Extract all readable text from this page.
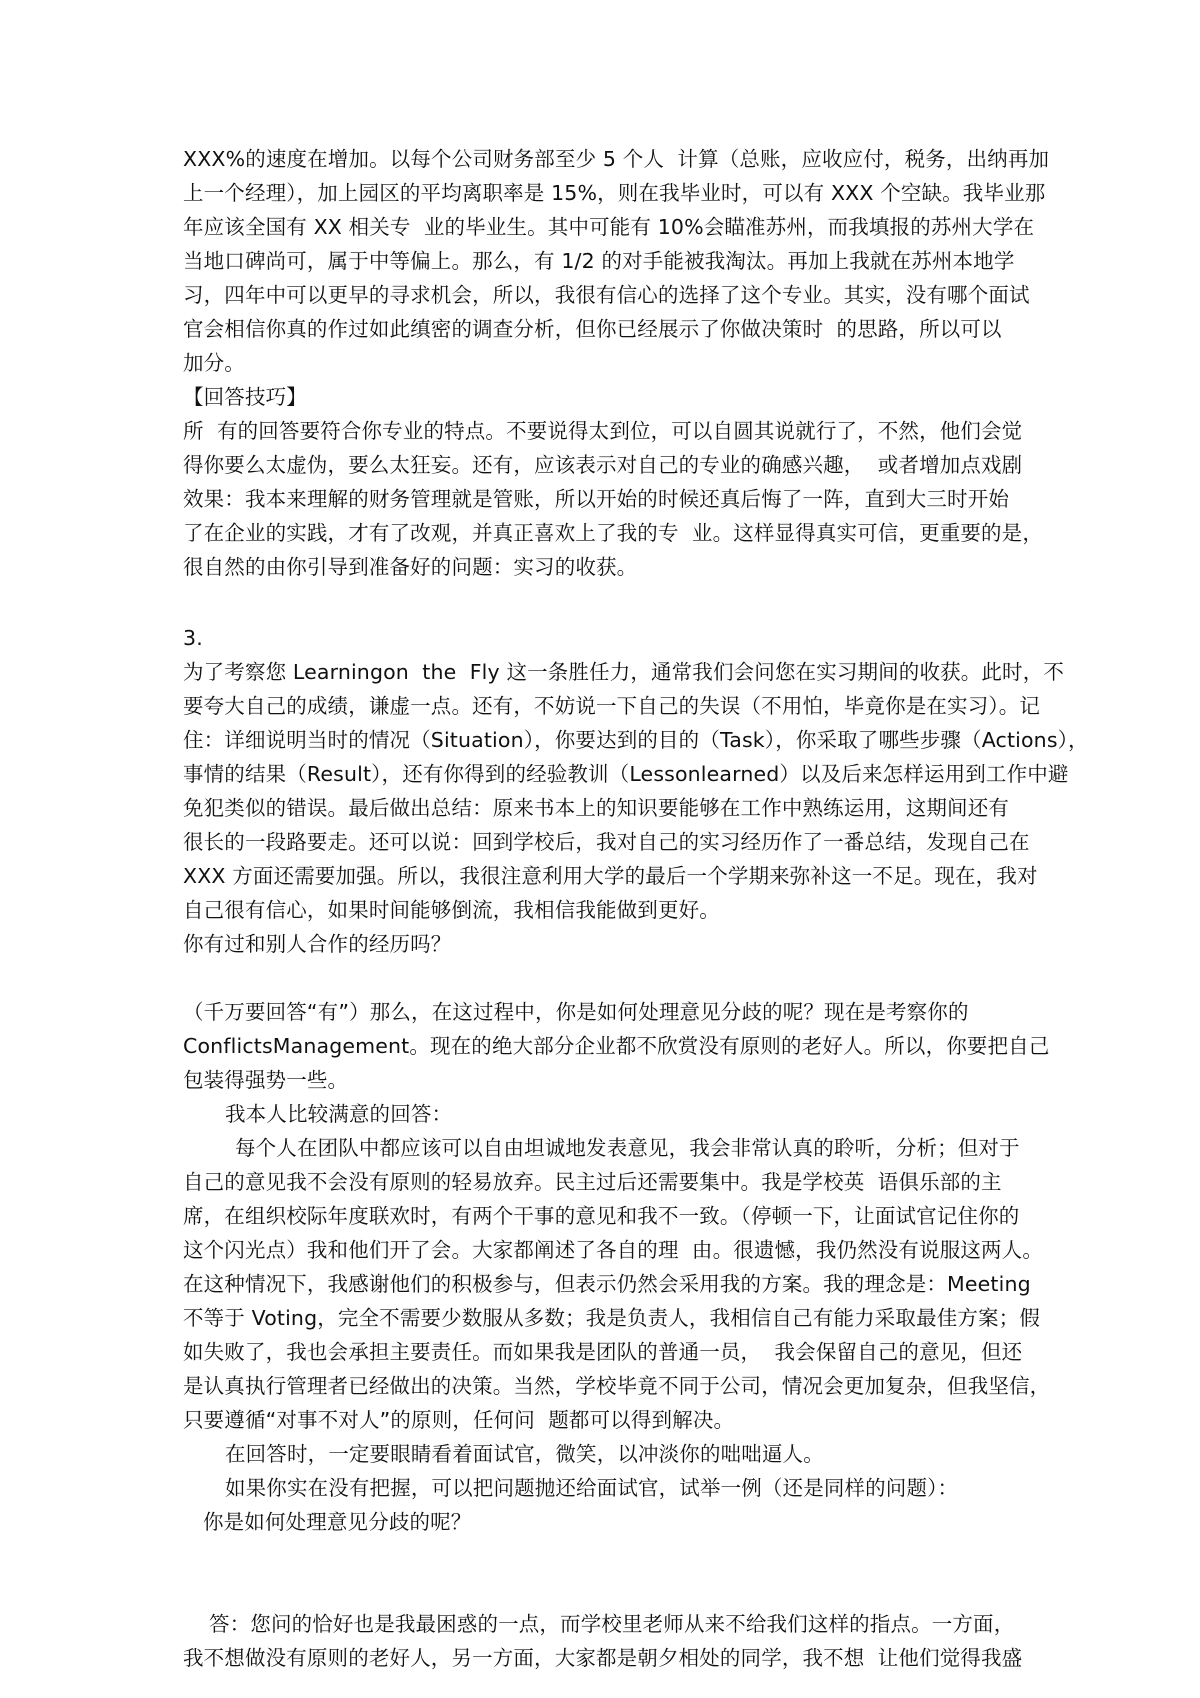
XXX%的速度在增加。以每个公司财务部至少 5 个人  计算（总账，应收应付，税务，出纳再加
上一个经理），加上园区的平均离职率是 15%，则在我毕业时，可以有 XXX 个空缺。我毕业那
年应该全国有 XX 相关专  业的毕业生。其中可能有 10%会瞄准苏州，而我填报的苏州大学在
当地口碑尚可，属于中等偏上。那么，有 1/2 的对手能被我淘汰。再加上我就在苏州本地学
习，四年中可以更早的寻求机会，所以，我很有信心的选择了这个专业。其实，没有哪个面试
官会相信你真的作过如此缜密的调查分析，但你已经展示了你做决策时  的思路，所以可以
加分。
【回答技巧】
所  有的回答要符合你专业的特点。不要说得太到位，可以自圆其说就行了，不然，他们会觉
得你要么太虚伪，要么太狂妄。还有，应该表示对自己的专业的确感兴趣，  或者增加点戏剧
效果：我本来理解的财务管理就是管账，所以开始的时候还真后悔了一阵，直到大三时开始
了在企业的实践，才有了改观，并真正喜欢上了我的专  业。这样显得真实可信，更重要的是，
很自然的由你引导到准备好的问题：实习的收获。
3.
为了考察您 Learningon  the  Fly 这一条胜任力，通常我们会问您在实习期间的收获。此时，不
要夸大自己的成绩，谦虚一点。还有，不妨说一下自己的失误（不用怕，毕竟你是在实习）。记
住：详细说明当时的情况（Situation），你要达到的目的（Task），你采取了哪些步骤（Actions），
事情的结果（Result），还有你得到的经验教训（Lessonlearned）以及后来怎样运用到工作中避
免犯类似的错误。最后做出总结：原来书本上的知识要能够在工作中熟练运用，这期间还有
很长的一段路要走。还可以说：回到学校后，我对自己的实习经历作了一番总结，发现自己在
XXX 方面还需要加强。所以，我很注意利用大学的最后一个学期来弥补这一不足。现在，我对
自己很有信心，如果时间能够倒流，我相信我能做到更好。
你有过和别人合作的经历吗？
（千万要回答“有”）那么，在这过程中，你是如何处理意见分歧的呢？现在是考察你的
ConflictsManagement。现在的绝大部分企业都不欣赏没有原则的老好人。所以，你要把自己
包装得强势一些。
我本人比较满意的回答：
每个人在团队中都应该可以自由坦诚地发表意见，我会非常认真的聆听，分析；但对于
自己的意见我不会没有原则的轻易放弃。民主过后还需要集中。我是学校英  语俱乐部的主
席，在组织校际年度联欢时，有两个干事的意见和我不一致。（停顿一下，让面试官记住你的
这个闪光点）我和他们开了会。大家都阐述了各自的理  由。很遗憾，我仍然没有说服这两人。
在这种情况下，我感谢他们的积极参与，但表示仍然会采用我的方案。我的理念是：Meeting
不等于 Voting，完全不需要少数服从多数；我是负责人，我相信自己有能力采取最佳方案；假
如失败了，我也会承担主要责任。而如果我是团队的普通一员，  我会保留自己的意见，但还
是认真执行管理者已经做出的决策。当然，学校毕竟不同于公司，情况会更加复杂，但我坚信，
只要遵循“对事不对人”的原则，任何问  题都可以得到解决。
在回答时，一定要眼睛看着面试官，微笑，以冲淡你的咄咄逼人。
如果你实在没有把握，可以把问题抛还给面试官，试举一例（还是同样的问题）：
你是如何处理意见分歧的呢？
答：您问的恰好也是我最困惑的一点，而学校里老师从来不给我们这样的指点。一方面，
我不想做没有原则的老好人，另一方面，大家都是朝夕相处的同学，我不想  让他们觉得我盛
